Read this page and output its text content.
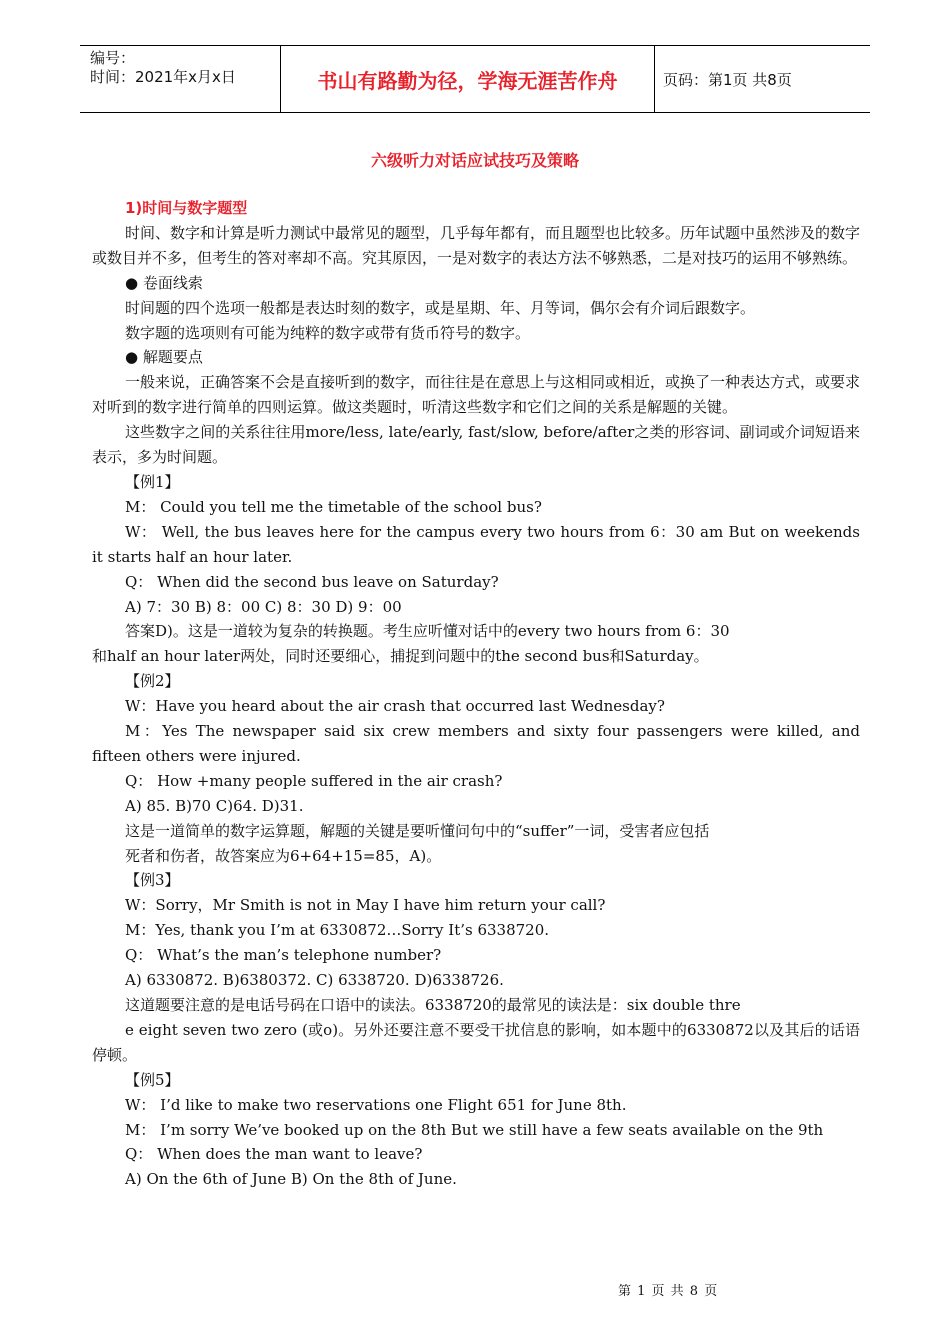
编号：
时间：2021年x月x日	书山有路勤为径，学海无涯苦作舟	页码：第1页 共8页
六级听力对话应试技巧及策略

1)时间与数字题型

时间、数字和计算是听力测试中最常见的题型，几乎每年都有，而且题型也比较多。历年试题中虽然涉及的数字或数目并不多，但考生的答对率却不高。究其原因，一是对数字的表达方法不够熟悉，二是对技巧的运用不够熟练。

● 卷面线索

时间题的四个选项一般都是表达时刻的数字，或是星期、年、月等词，偶尔会有介词后跟数字。

数字题的选项则有可能为纯粹的数字或带有货币符号的数字。

● 解题要点

一般来说，正确答案不会是直接听到的数字，而往往是在意思上与这相同或相近，或换了一种表达方式，或要求对听到的数字进行简单的四则运算。做这类题时，听清这些数字和它们之间的关系是解题的关键。

这些数字之间的关系往往用more/less, late/early, fast/slow, before/after之类的形容词、副词或介词短语来表示，多为时间题。

【例1】

M： Could you tell me the timetable of the school bus?

W： Well, the bus leaves here for the campus every two hours from 6：30 am But on weekends it starts half an hour later.

Q： When did the second bus leave on Saturday?

A) 7：30 B) 8：00 C) 8：30 D) 9：00

答案D)。这是一道较为复杂的转换题。考生应听懂对话中的every two hours from 6：30

和half an hour later两处，同时还要细心，捕捉到问题中的the second bus和Saturday。

【例2】

W：Have you heard about the air crash that occurred last Wednesday?

M：Yes The newspaper said six crew members and sixty four passengers were killed, and fifteen others were injured.

Q： How +many people suffered in the air crash?

A) 85. B)70 C)64. D)31.

这是一道简单的数字运算题，解题的关键是要听懂问句中的“suffer”一词，受害者应包括

死者和伤者，故答案应为6+64+15=85，A)。

【例3】

W：Sorry，Mr Smith is not in May I have him return your call?

M：Yes, thank you I’m at 6330872…Sorry It’s 6338720.

Q： What’s the man’s telephone number?

A) 6330872. B)6380372. C) 6338720. D)6338726.

这道题要注意的是电话号码在口语中的读法。6338720的最常见的读法是：six double thre

e eight seven two zero (或o)。另外还要注意不要受干扰信息的影响，如本题中的6330872以及其后的话语停顿。

【例5】

W： I’d like to make two reservations one Flight 651 for June 8th.

M： I’m sorry We’ve booked up on the 8th But we still have a few seats available on the 9th

Q： When does the man want to leave?

A) On the 6th of June B) On the 8th of June.

第 1 页 共 8 页
